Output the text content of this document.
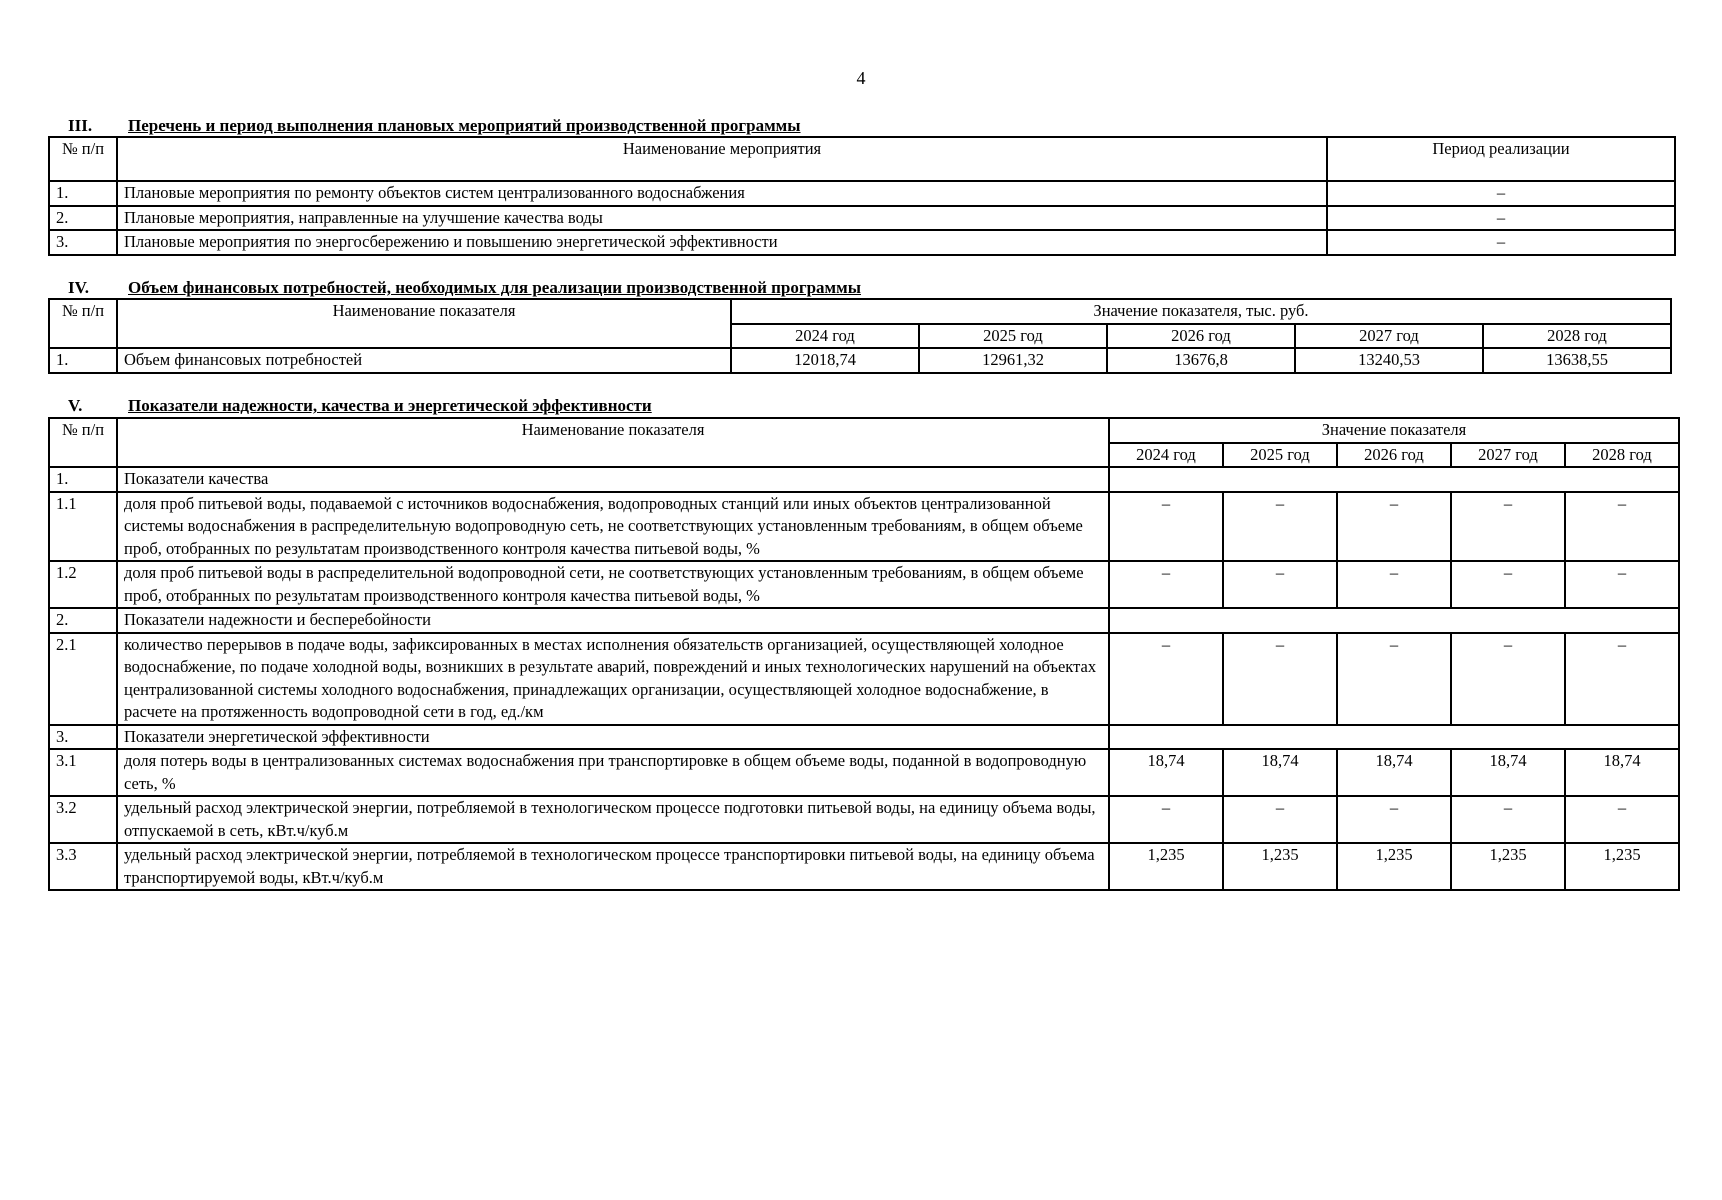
4
III. Перечень и период выполнения плановых мероприятий производственной программы
№ п/п	Наименование мероприятия	Период реализации
1.	Плановые мероприятия по ремонту объектов систем централизованного водоснабжения	–
2.	Плановые мероприятия, направленные на улучшение качества воды	–
3.	Плановые мероприятия по энергосбережению и повышению энергетической эффективности	–
IV. Объем финансовых потребностей, необходимых для реализации производственной программы
№ п/п	Наименование показателя	Значение показателя, тыс. руб.				
		2024 год	2025 год	2026 год	2027 год	2028 год
1.	Объем финансовых потребностей	12018,74	12961,32	13676,8	13240,53	13638,55
V.	Показатели надежности, качества и энергетической эффективности
№ п/п	Наименование показателя	Значение показателя				
		2024 год	2025 год	2026 год	2027 год	2028 год
1.	Показатели качества					
1.1	доля проб питьевой воды, подаваемой с источников водоснабжения, водопроводных станций или иных объектов централизованной системы водоснабжения в распределительную водопроводную сеть, не соответствующих установленным требованиям, в общем объеме проб, отобранных по результатам производственного контроля качества питьевой воды, %	–	–	–	–	–
1.2	доля проб питьевой воды в распределительной водопроводной сети, не соответствующих установленным требованиям, в общем объеме проб, отобранных по результатам производственного контроля качества питьевой воды, %	–	–	–	–	–
2.	Показатели надежности и бесперебойности					
2.1	количество перерывов в подаче воды, зафиксированных в местах исполнения обязательств организацией, осуществляющей холодное водоснабжение, по подаче холодной воды, возникших в результате аварий, повреждений и иных технологических нарушений на объектах централизованной системы холодного водоснабжения, принадлежащих организации, осуществляющей холодное водоснабжение, в расчете на протяженность водопроводной сети в год, ед./км	–	–	–	–	–
3.	Показатели энергетической эффективности					
3.1	доля потерь воды в централизованных системах водоснабжения при транспортировке в общем объеме воды, поданной в водопроводную сеть, %	18,74	18,74	18,74	18,74	18,74
3.2	удельный расход электрической энергии, потребляемой в технологическом процессе подготовки питьевой воды, на единицу объема воды, отпускаемой в сеть, кВт.ч/куб.м	–	–	–	–	–
3.3	удельный расход электрической энергии, потребляемой в технологическом процессе транспортировки питьевой воды, на единицу объема транспортируемой воды, кВт.ч/куб.м	1,235	1,235	1,235	1,235	1,235
